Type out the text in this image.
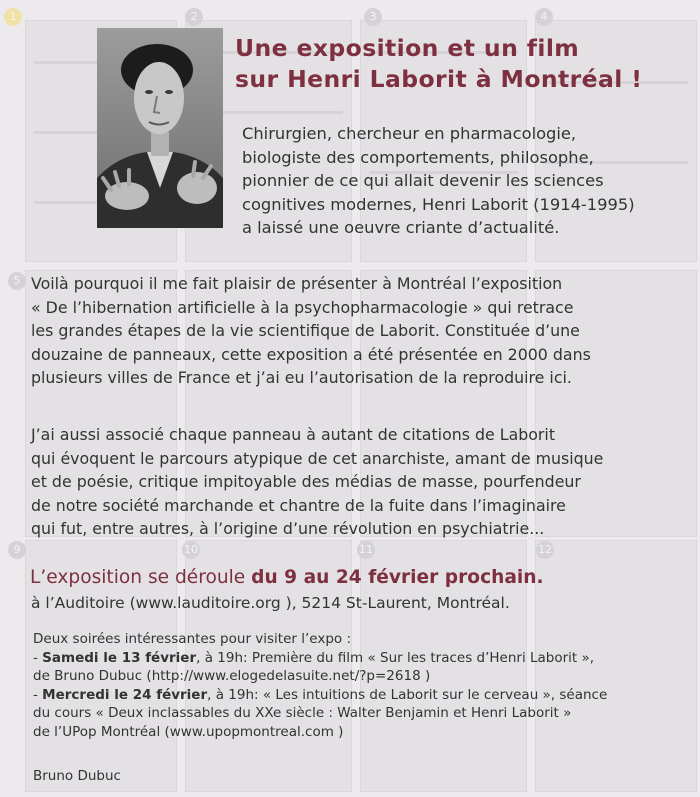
1	2	3	4
5
9	10	11	12
Une exposition et un film
sur Henri Laborit à Montréal !

Chirurgien, chercheur en pharmacologie,
biologiste des comportements, philosophe,
pionnier de ce qui allait devenir les sciences
cognitives modernes, Henri Laborit (1914-1995)
a laissé une oeuvre criante d’actualité.

Voilà pourquoi il me fait plaisir de présenter à Montréal l’exposition
« De l’hibernation artificielle à la psychopharmacologie » qui retrace
les grandes étapes de la vie scientifique de Laborit. Constituée d’une
douzaine de panneaux, cette exposition a été présentée en 2000 dans
plusieurs villes de France et j’ai eu l’autorisation de la reproduire ici.

J’ai aussi associé chaque panneau à autant de citations de Laborit
qui évoquent le parcours atypique de cet anarchiste, amant de musique
et de poésie, critique impitoyable des médias de masse, pourfendeur
de notre société marchande et chantre de la fuite dans l’imaginaire
qui fut, entre autres, à l’origine d’une révolution en psychiatrie...

L’exposition se déroule du 9 au 24 février prochain.

à l’Auditoire (www.lauditoire.org ), 5214 St-Laurent, Montréal.

Deux soirées intéressantes pour visiter l’expo :

- Samedi le 13 février, à 19h: Première du film « Sur les traces d’Henri Laborit »,
de Bruno Dubuc (http://www.elogedelasuite.net/?p=2618 )

- Mercredi le 24 février, à 19h: « Les intuitions de Laborit sur le cerveau », séance
du cours « Deux inclassables du XXe siècle : Walter Benjamin et Henri Laborit »
de l’UPop Montréal (www.upopmontreal.com )

Bruno Dubuc
